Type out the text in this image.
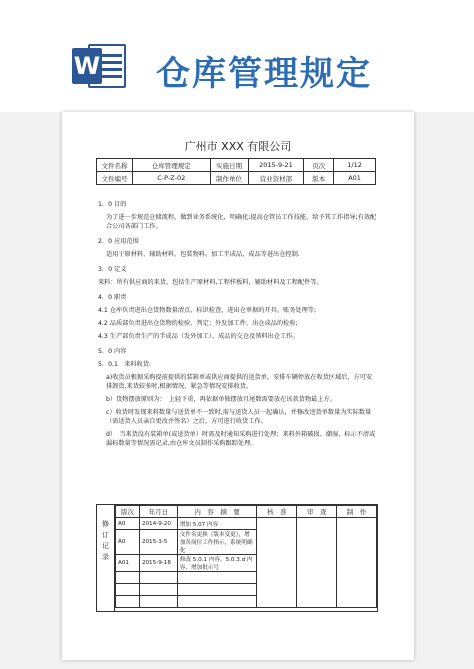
W 仓库管理规定
广州市 XXX 有限公司
文件名称	仓库管理规定	实施日期	2015-9-21	页次	1/12
文件编号	C-P-Z-02	制作单位	营业资材部	版本	A01

1．0 目的

为了进一步规范仓储流程，做到业务系统化，明确化;提高仓管员工作技能，给予其工作指导;有效配合公司各部门工作。

2．0 应用范围

适用于原材料、辅助材料、包装物料、加工半成品、成品等进出仓控制.

3．0 定义

来料：所有供应商的来货，包括生产原材料,工程样板料，辅助材料及工程配件等。

4．0 职责

4.1 仓库负责进出仓货物数量清点、标识检查，进出仓单据的开具、账务处理等;

4.2 品质部负责进出仓货物的检验、判定；外发加工件、出仓成品的检验;

4.3 生产部负责生产的半成品（发外加工）、成品的交仓及领料出仓工作。

5．0 内容

5．0.1　来料收货:

a)收货员根据采购提前提供的装箱单或供应商提供的送货单，安排车辆停放在收货区域后，方可安排卸货,来货较多时,根据情况，紧急等情况安排收货。

b）货物摆放原则为：　上轻下重，再依据单独摆放且尾数需要放在该款货物最上方。

c）收货时发现来料数量与送货单不一致时,需与送货人员一起确认，并修改送货单数量为实际数量（需送货人员亲自更改并签名）之后，方可进行收货工作。

d）　当来货没有装箱单(或送货单）时需及时通知采购进行处理；来料外箱破损、潮湿，标示不清或漏标数量等情况需记录,由仓库文员制作采购跟踪处理。

修
订
记
录
版次	年月日	内　容　摘　要	核　准	审　查	制　作
A0	2014-9-20	增加 5.07 内容			
A0	2015-3-5	文件名更换（版本变更），增加各岗位工作指示，系统明确化			
A01	2015-9-18	修改 5.0.1 内容、5.0.3.d 内容，增加批示号			
